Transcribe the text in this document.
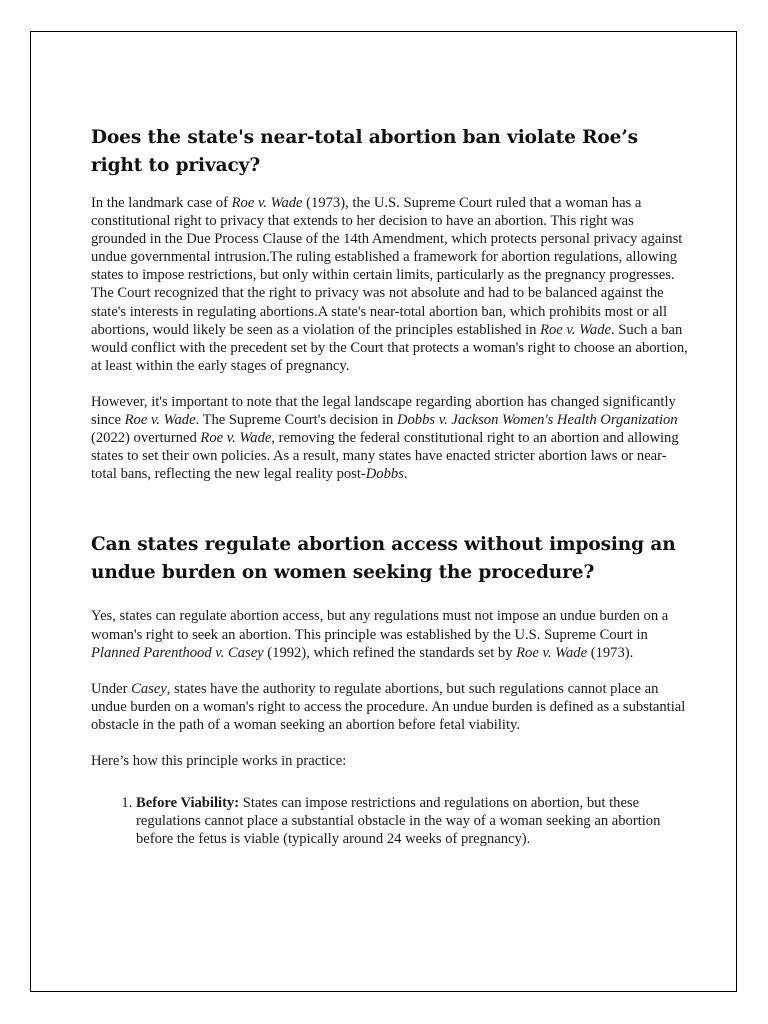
Does the state's near-total abortion ban violate Roe’s right to privacy?

In the landmark case of Roe v. Wade (1973), the U.S. Supreme Court ruled that a woman has a constitutional right to privacy that extends to her decision to have an abortion. This right was grounded in the Due Process Clause of the 14th Amendment, which protects personal privacy against undue governmental intrusion.The ruling established a framework for abortion regulations, allowing states to impose restrictions, but only within certain limits, particularly as the pregnancy progresses. The Court recognized that the right to privacy was not absolute and had to be balanced against the state's interests in regulating abortions.A state's near-total abortion ban, which prohibits most or all abortions, would likely be seen as a violation of the principles established in Roe v. Wade. Such a ban would conflict with the precedent set by the Court that protects a woman's right to choose an abortion, at least within the early stages of pregnancy.

However, it's important to note that the legal landscape regarding abortion has changed significantly since Roe v. Wade. The Supreme Court's decision in Dobbs v. Jackson Women's Health Organization (2022) overturned Roe v. Wade, removing the federal constitutional right to an abortion and allowing states to set their own policies. As a result, many states have enacted stricter abortion laws or near-total bans, reflecting the new legal reality post-Dobbs.

Can states regulate abortion access without imposing an undue burden on women seeking the procedure?

Yes, states can regulate abortion access, but any regulations must not impose an undue burden on a woman's right to seek an abortion. This principle was established by the U.S. Supreme Court in Planned Parenthood v. Casey (1992), which refined the standards set by Roe v. Wade (1973).

Under Casey, states have the authority to regulate abortions, but such regulations cannot place an undue burden on a woman's right to access the procedure. An undue burden is defined as a substantial obstacle in the path of a woman seeking an abortion before fetal viability.

Here’s how this principle works in practice:

1. Before Viability: States can impose restrictions and regulations on abortion, but these regulations cannot place a substantial obstacle in the way of a woman seeking an abortion before the fetus is viable (typically around 24 weeks of pregnancy).
